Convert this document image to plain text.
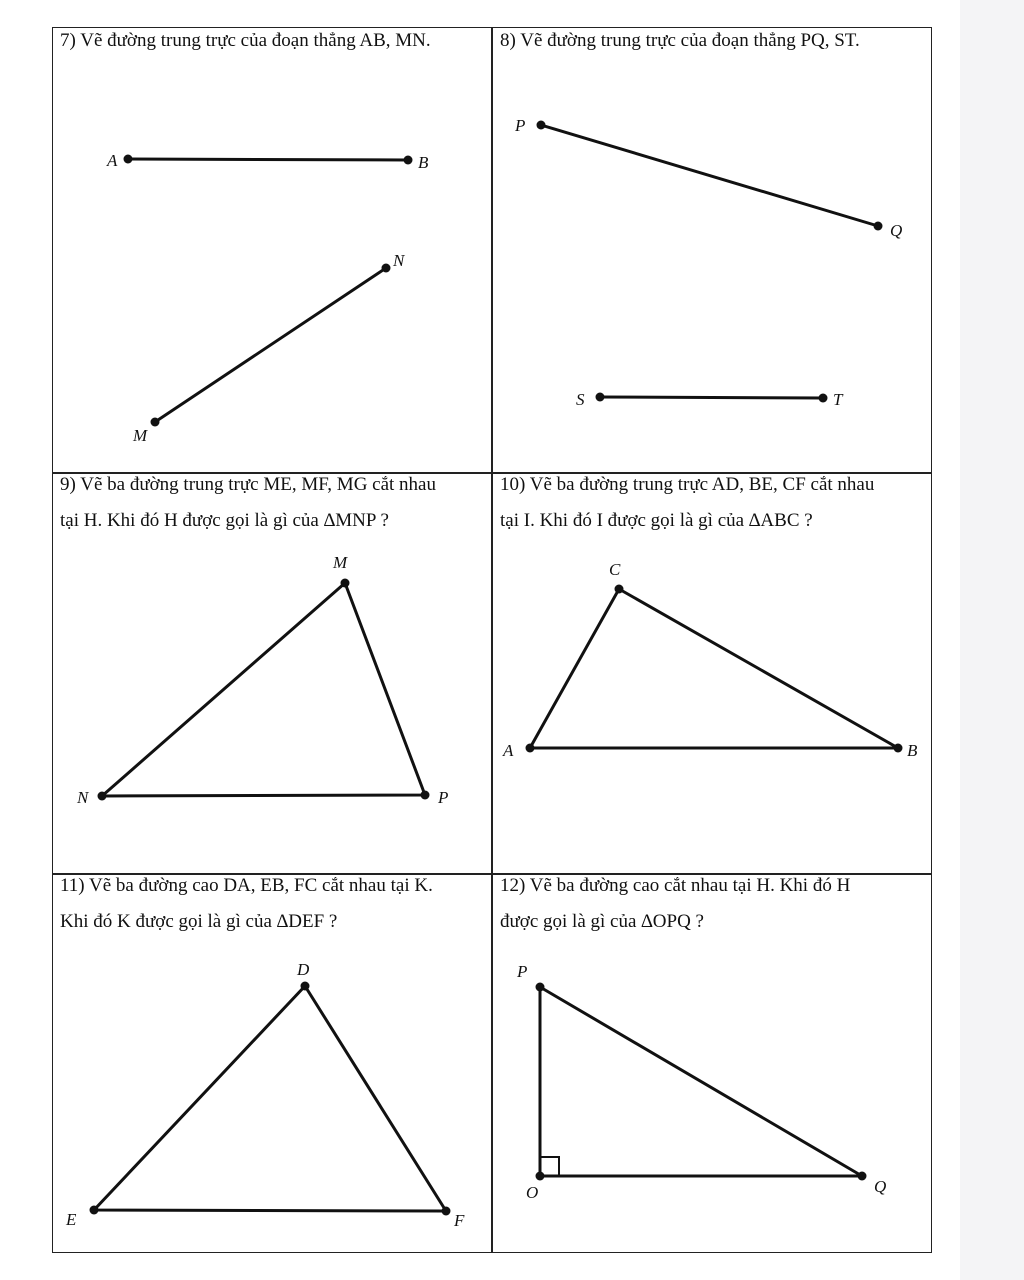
7) Vẽ đường trung trực của đoạn thẳng AB, MN.	8) Vẽ đường trung trực của đoạn thẳng PQ, ST.
9) Vẽ ba đường trung trực ME, MF, MG cắt nhau
tại H. Khi đó H được gọi là gì của ∆MNP ?
10) Vẽ ba đường trung trực AD, BE, CF cắt nhau
tại I. Khi đó I được gọi là gì của ∆ABC ?
11) Vẽ ba đường cao DA, EB, FC cắt nhau tại K.
Khi đó K được gọi là gì của ∆DEF ?
12) Vẽ ba đường cao cắt nhau tại H. Khi đó H
được gọi là gì của ∆OPQ ?
A	B
M
N
P
Q
S	T
M
N	P
C
A	B
D
E	F
P
O	Q
